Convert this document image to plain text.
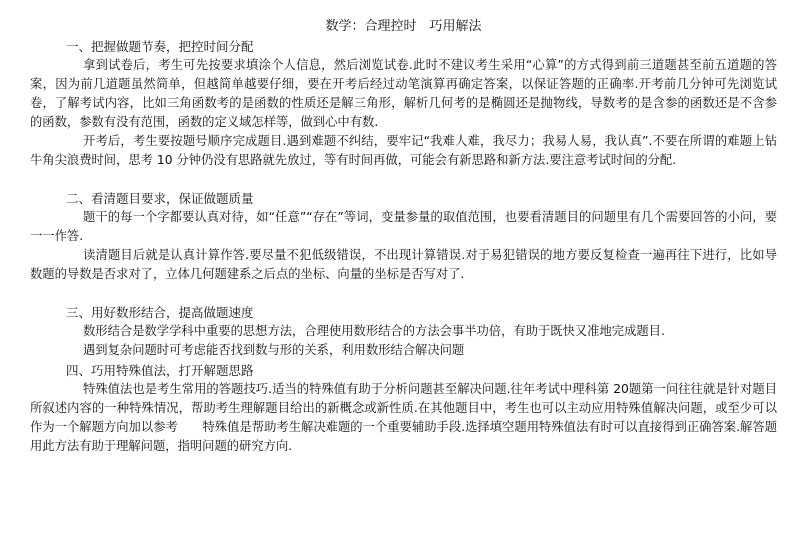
数学：合理控时　巧用解法
一、把握做题节奏，把控时间分配

拿到试卷后，考生可先按要求填涂个人信息，然后浏览试卷.此时不建议考生采用“心算”的方式得到前三道题甚至前五道题的答案，因为前几道题虽然简单，但越简单越要仔细，要在开考后经过动笔演算再确定答案，以保证答题的正确率.开考前几分钟可先浏览试卷，了解考试内容，比如三角函数考的是函数的性质还是解三角形，解析几何考的是椭圆还是抛物线，导数考的是含参的函数还是不含参的函数，参数有没有范围，函数的定义域怎样等，做到心中有数.

开考后，考生要按题号顺序完成题目.遇到难题不纠结，要牢记“我难人难，我尽力；我易人易，我认真”.不要在所谓的难题上钻牛角尖浪费时间，思考 10 分钟仍没有思路就先放过，等有时间再做，可能会有新思路和新方法.要注意考试时间的分配.

二、看清题目要求，保证做题质量

题干的每一个字都要认真对待，如“任意”“存在”等词，变量参量的取值范围，也要看清题目的问题里有几个需要回答的小问，要一一作答.

读清题目后就是认真计算作答.要尽量不犯低级错误，不出现计算错误.对于易犯错误的地方要反复检查一遍再往下进行，比如导数题的导数是否求对了，立体几何题建系之后点的坐标、向量的坐标是否写对了.

三、用好数形结合，提高做题速度

数形结合是数学学科中重要的思想方法，合理使用数形结合的方法会事半功倍，有助于既快又准地完成题目.

遇到复杂问题时可考虑能否找到数与形的关系，利用数形结合解决问题

四、巧用特殊值法，打开解题思路

特殊值法也是考生常用的答题技巧.适当的特殊值有助于分析问题甚至解决问题.往年考试中理科第 20题第一问往往就是针对题目所叙述内容的一种特殊情况，帮助考生理解题目给出的新概念或新性质.在其他题目中，考生也可以主动应用特殊值解决问题，或至少可以作为一个解题方向加以参考　　特殊值是帮助考生解决难题的一个重要辅助手段.选择填空题用特殊值法有时可以直接得到正确答案.解答题用此方法有助于理解问题，指明问题的研究方向.
